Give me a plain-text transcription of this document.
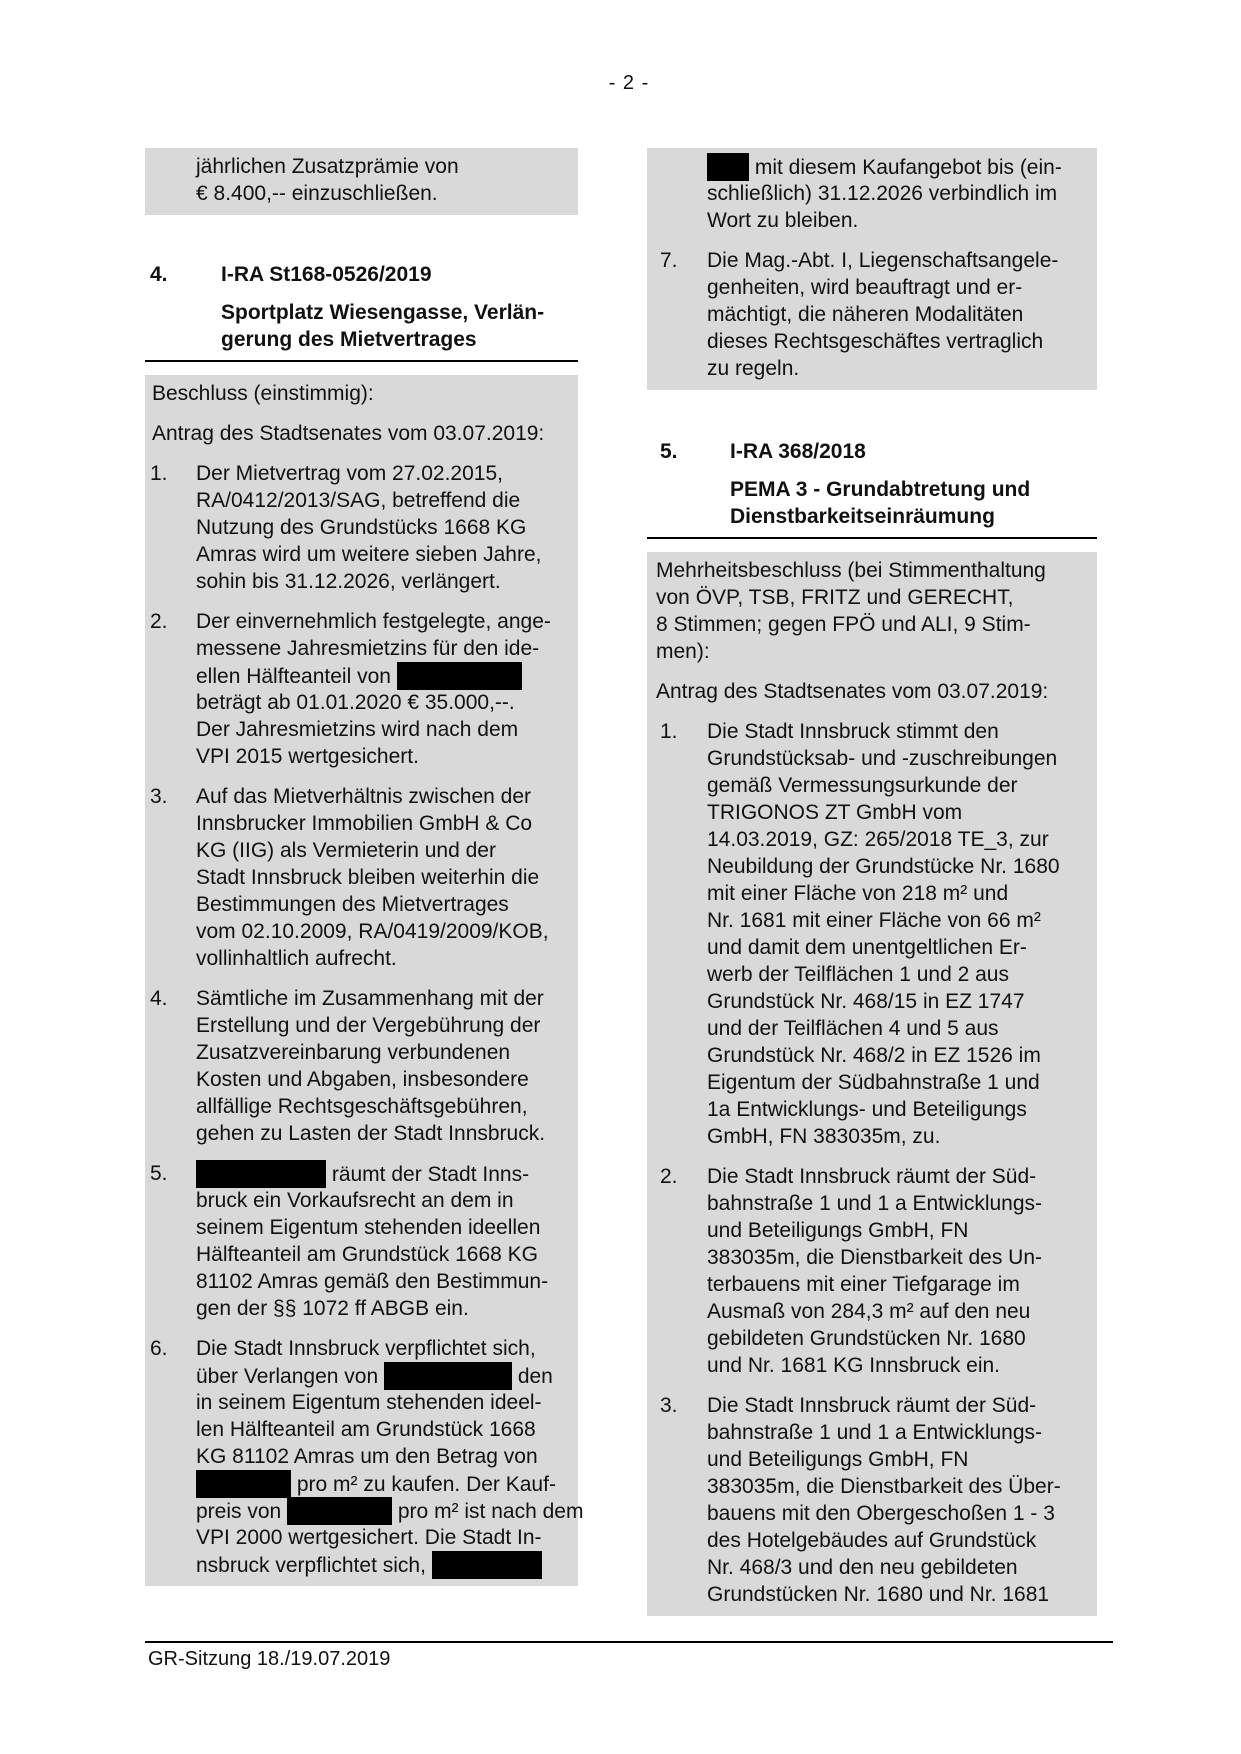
- 2 -
jährlichen Zusatzprämie von
€ 8.400,-- einzuschließen.
4.	I-RA St168-0526/2019
Sportplatz Wiesengasse, Verlän-
gerung des Mietvertrages
Beschluss (einstimmig):
Antrag des Stadtsenates vom 03.07.2019:
1. Der Mietvertrag vom 27.02.2015,
RA/0412/2013/SAG, betreffend die
Nutzung des Grundstücks 1668 KG
Amras wird um weitere sieben Jahre,
sohin bis 31.12.2026, verlängert.
2. Der einvernehmlich festgelegte, ange-
messene Jahresmietzins für den ide-
ellen Hälfteanteil von
beträgt ab 01.01.2020 € 35.000,--.
Der Jahresmietzins wird nach dem
VPI 2015 wertgesichert.
3. Auf das Mietverhältnis zwischen der
Innsbrucker Immobilien GmbH & Co
KG (IIG) als Vermieterin und der
Stadt Innsbruck bleiben weiterhin die
Bestimmungen des Mietvertrages
vom 02.10.2009, RA/0419/2009/KOB,
vollinhaltlich aufrecht.
4. Sämtliche im Zusammenhang mit der
Erstellung und der Vergebührung der
Zusatzvereinbarung verbundenen
Kosten und Abgaben, insbesondere
allfällige Rechtsgeschäftsgebühren,
gehen zu Lasten der Stadt Innsbruck.
5.	räumt der Stadt Inns-
bruck ein Vorkaufsrecht an dem in
seinem Eigentum stehenden ideellen
Hälfteanteil am Grundstück 1668 KG
81102 Amras gemäß den Bestimmun-
gen der §§ 1072 ff ABGB ein.
6. Die Stadt Innsbruck verpflichtet sich,
über Verlangen von	den
in seinem Eigentum stehenden ideel-
len Hälfteanteil am Grundstück 1668
KG 81102 Amras um den Betrag von
pro m² zu kaufen. Der Kauf-
preis von	pro m² ist nach dem
VPI 2000 wertgesichert. Die Stadt In-
nsbruck verpflichtet sich,
mit diesem Kaufangebot bis (ein-
schließlich) 31.12.2026 verbindlich im
Wort zu bleiben.
7. Die Mag.-Abt. I, Liegenschaftsangele-
genheiten, wird beauftragt und er-
mächtigt, die näheren Modalitäten
dieses Rechtsgeschäftes vertraglich
zu regeln.
5. I-RA 368/2018
PEMA 3 - Grundabtretung und
Dienstbarkeitseinräumung
Mehrheitsbeschluss (bei Stimmenthaltung
von ÖVP, TSB, FRITZ und GERECHT,
8 Stimmen; gegen FPÖ und ALI, 9 Stim-
men):
Antrag des Stadtsenates vom 03.07.2019:
1. Die Stadt Innsbruck stimmt den
Grundstücksab- und -zuschreibungen
gemäß Vermessungsurkunde der
TRIGONOS ZT GmbH vom
14.03.2019, GZ: 265/2018 TE_3, zur
Neubildung der Grundstücke Nr. 1680
mit einer Fläche von 218 m² und
Nr. 1681 mit einer Fläche von 66 m²
und damit dem unentgeltlichen Er-
werb der Teilflächen 1 und 2 aus
Grundstück Nr. 468/15 in EZ 1747
und der Teilflächen 4 und 5 aus
Grundstück Nr. 468/2 in EZ 1526 im
Eigentum der Südbahnstraße 1 und
1a Entwicklungs- und Beteiligungs
GmbH, FN 383035m, zu.
2. Die Stadt Innsbruck räumt der Süd-
bahnstraße 1 und 1 a Entwicklungs-
und Beteiligungs GmbH, FN
383035m, die Dienstbarkeit des Un-
terbauens mit einer Tiefgarage im
Ausmaß von 284,3 m² auf den neu
gebildeten Grundstücken Nr. 1680
und Nr. 1681 KG Innsbruck ein.
3. Die Stadt Innsbruck räumt der Süd-
bahnstraße 1 und 1 a Entwicklungs-
und Beteiligungs GmbH, FN
383035m, die Dienstbarkeit des Über-
bauens mit den Obergeschoßen 1 - 3
des Hotelgebäudes auf Grundstück
Nr. 468/3 und den neu gebildeten
Grundstücken Nr. 1680 und Nr. 1681
GR-Sitzung 18./19.07.2019
